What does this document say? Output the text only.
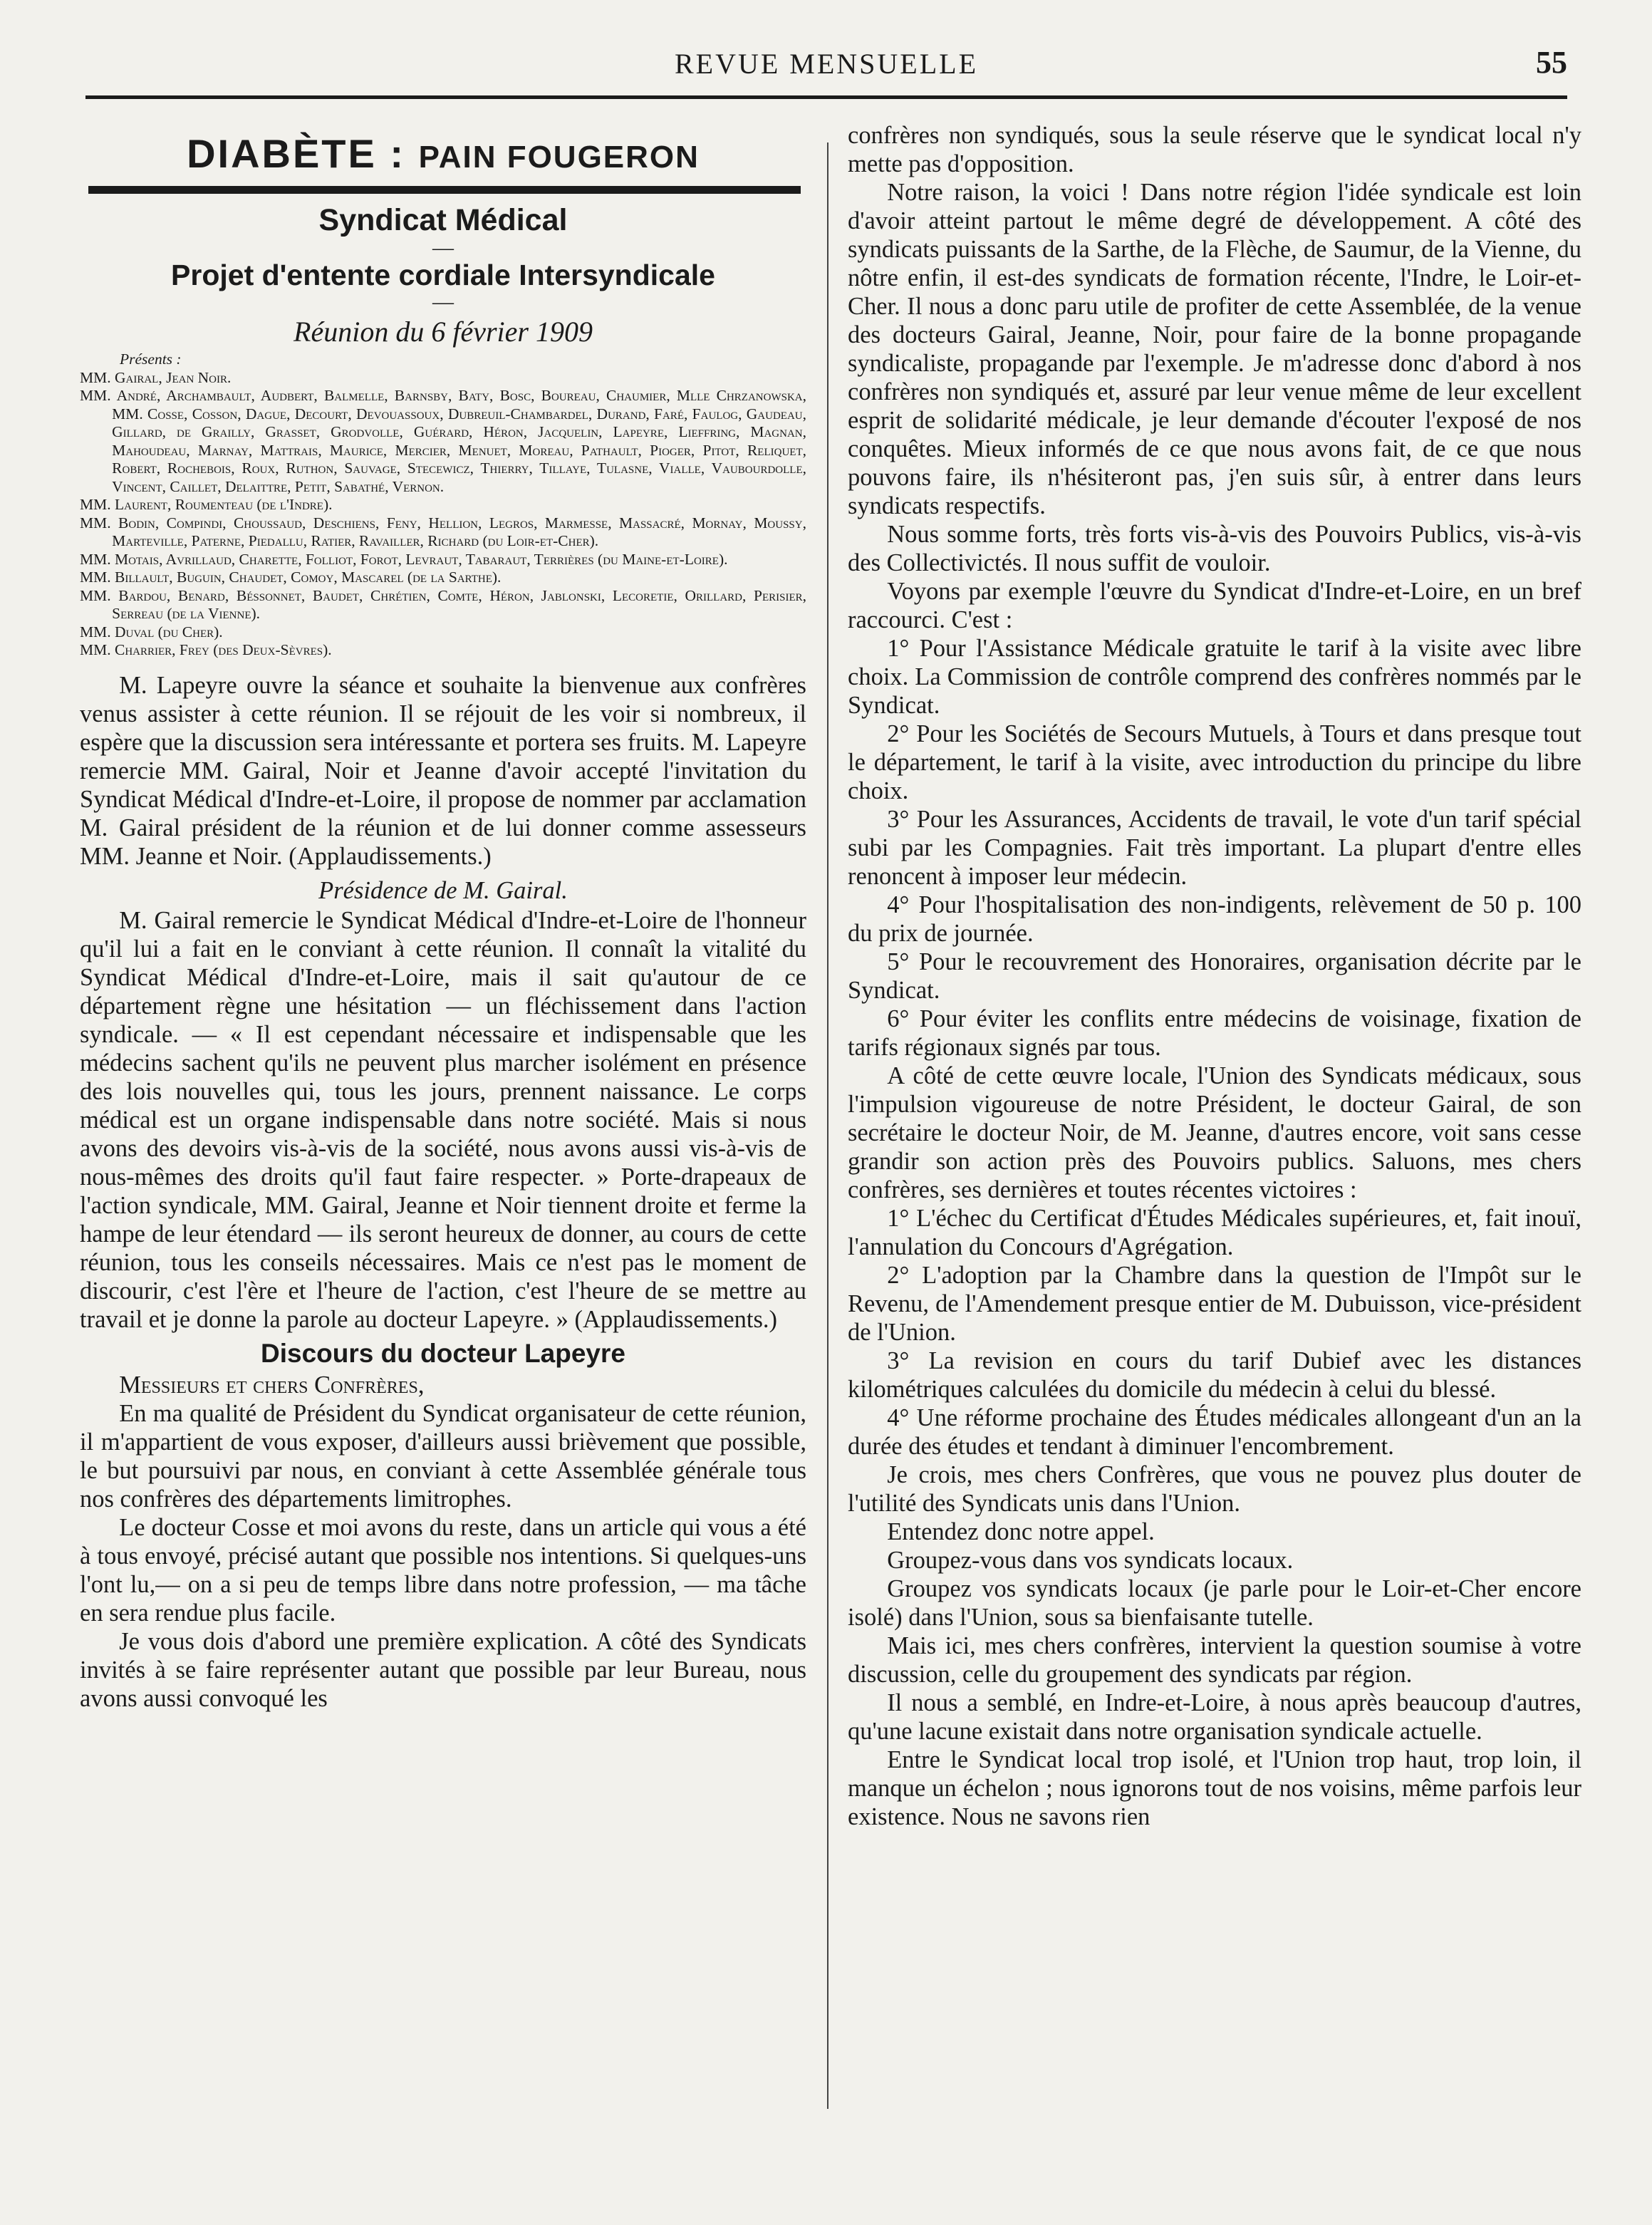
REVUE MENSUELLE	55
DIABÈTE : PAIN FOUGERON
Syndicat Médical
—
Projet d'entente cordiale Intersyndicale
—
Réunion du 6 février 1909
Présents :

MM. Gairal, Jean Noir.

MM. André, Archambault, Audbert, Balmelle, Barnsby, Baty, Bosc, Boureau, Chaumier, Mlle Chrzanowska, MM. Cosse, Cosson, Dague, Decourt, Devouassoux, Dubreuil-Chambardel, Durand, Faré, Faulog, Gaudeau, Gillard, de Grailly, Grasset, Grodvolle, Guérard, Héron, Jacquelin, Lapeyre, Lieffring, Magnan, Mahoudeau, Marnay, Mattrais, Maurice, Mercier, Menuet, Moreau, Pathault, Pioger, Pitot, Reliquet, Robert, Rochebois, Roux, Ruthon, Sauvage, Stecewicz, Thierry, Tillaye, Tulasne, Vialle, Vaubourdolle, Vincent, Caillet, Delaittre, Petit, Sabathé, Vernon.

MM. Laurent, Roumenteau (de l'Indre).

MM. Bodin, Compindi, Choussaud, Deschiens, Feny, Hellion, Legros, Marmesse, Massacré, Mornay, Moussy, Marteville, Paterne, Piedallu, Ratier, Ravailler, Richard (du Loir-et-Cher).

MM. Motais, Avrillaud, Charette, Folliot, Forot, Levraut, Tabaraut, Terrières (du Maine-et-Loire).

MM. Billault, Buguin, Chaudet, Comoy, Mascarel (de la Sarthe).

MM. Bardou, Benard, Béssonnet, Baudet, Chrétien, Comte, Héron, Jablonski, Lecoretie, Orillard, Perisier, Serreau (de la Vienne).

MM. Duval (du Cher).

MM. Charrier, Frey (des Deux-Sèvres).

M. Lapeyre ouvre la séance et souhaite la bienvenue aux confrères venus assister à cette réunion. Il se réjouit de les voir si nombreux, il espère que la discussion sera intéressante et portera ses fruits. M. Lapeyre remercie MM. Gairal, Noir et Jeanne d'avoir accepté l'invitation du Syndicat Médical d'Indre-et-Loire, il propose de nommer par acclamation M. Gairal président de la réunion et de lui donner comme assesseurs MM. Jeanne et Noir. (Applaudissements.)

Présidence de M. Gairal.

M. Gairal remercie le Syndicat Médical d'Indre-et-Loire de l'honneur qu'il lui a fait en le conviant à cette réunion. Il connaît la vitalité du Syndicat Médical d'Indre-et-Loire, mais il sait qu'autour de ce département règne une hésitation — un fléchissement dans l'action syndicale. — « Il est cependant nécessaire et indispensable que les médecins sachent qu'ils ne peuvent plus marcher isolément en présence des lois nouvelles qui, tous les jours, prennent naissance. Le corps médical est un organe indispensable dans notre société. Mais si nous avons des devoirs vis-à-vis de la société, nous avons aussi vis-à-vis de nous-mêmes des droits qu'il faut faire respecter. » Porte-drapeaux de l'action syndicale, MM. Gairal, Jeanne et Noir tiennent droite et ferme la hampe de leur étendard — ils seront heureux de donner, au cours de cette réunion, tous les conseils nécessaires. Mais ce n'est pas le moment de discourir, c'est l'ère et l'heure de l'action, c'est l'heure de se mettre au travail et je donne la parole au docteur Lapeyre. » (Applaudissements.)

Discours du docteur Lapeyre

Messieurs et chers Confrères,

En ma qualité de Président du Syndicat organisateur de cette réunion, il m'appartient de vous exposer, d'ailleurs aussi brièvement que possible, le but poursuivi par nous, en conviant à cette Assemblée générale tous nos confrères des départements limitrophes.

Le docteur Cosse et moi avons du reste, dans un article qui vous a été à tous envoyé, précisé autant que possible nos intentions. Si quelques-uns l'ont lu,— on a si peu de temps libre dans notre profession, — ma tâche en sera rendue plus facile.

Je vous dois d'abord une première explication. A côté des Syndicats invités à se faire représenter autant que possible par leur Bureau, nous avons aussi convoqué les

confrères non syndiqués, sous la seule réserve que le syndicat local n'y mette pas d'opposition.

Notre raison, la voici ! Dans notre région l'idée syndicale est loin d'avoir atteint partout le même degré de développement. A côté des syndicats puissants de la Sarthe, de la Flèche, de Saumur, de la Vienne, du nôtre enfin, il est-des syndicats de formation récente, l'Indre, le Loir-et-Cher. Il nous a donc paru utile de profiter de cette Assemblée, de la venue des docteurs Gairal, Jeanne, Noir, pour faire de la bonne propagande syndicaliste, propagande par l'exemple. Je m'adresse donc d'abord à nos confrères non syndiqués et, assuré par leur venue même de leur excellent esprit de solidarité médicale, je leur demande d'écouter l'exposé de nos conquêtes. Mieux informés de ce que nous avons fait, de ce que nous pouvons faire, ils n'hésiteront pas, j'en suis sûr, à entrer dans leurs syndicats respectifs.

Nous somme forts, très forts vis-à-vis des Pouvoirs Publics, vis-à-vis des Collectivictés. Il nous suffit de vouloir.

Voyons par exemple l'œuvre du Syndicat d'Indre-et-Loire, en un bref raccourci. C'est :

1° Pour l'Assistance Médicale gratuite le tarif à la visite avec libre choix. La Commission de contrôle comprend des confrères nommés par le Syndicat.

2° Pour les Sociétés de Secours Mutuels, à Tours et dans presque tout le département, le tarif à la visite, avec introduction du principe du libre choix.

3° Pour les Assurances, Accidents de travail, le vote d'un tarif spécial subi par les Compagnies. Fait très important. La plupart d'entre elles renoncent à imposer leur médecin.

4° Pour l'hospitalisation des non-indigents, relèvement de 50 p. 100 du prix de journée.

5° Pour le recouvrement des Honoraires, organisation décrite par le Syndicat.

6° Pour éviter les conflits entre médecins de voisinage, fixation de tarifs régionaux signés par tous.

A côté de cette œuvre locale, l'Union des Syndicats médicaux, sous l'impulsion vigoureuse de notre Président, le docteur Gairal, de son secrétaire le docteur Noir, de M. Jeanne, d'autres encore, voit sans cesse grandir son action près des Pouvoirs publics. Saluons, mes chers confrères, ses dernières et toutes récentes victoires :

1° L'échec du Certificat d'Études Médicales supérieures, et, fait inouï, l'annulation du Concours d'Agrégation.

2° L'adoption par la Chambre dans la question de l'Impôt sur le Revenu, de l'Amendement presque entier de M. Dubuisson, vice-président de l'Union.

3° La revision en cours du tarif Dubief avec les distances kilométriques calculées du domicile du médecin à celui du blessé.

4° Une réforme prochaine des Études médicales allongeant d'un an la durée des études et tendant à diminuer l'encombrement.

Je crois, mes chers Confrères, que vous ne pouvez plus douter de l'utilité des Syndicats unis dans l'Union.

Entendez donc notre appel.

Groupez-vous dans vos syndicats locaux.

Groupez vos syndicats locaux (je parle pour le Loir-et-Cher encore isolé) dans l'Union, sous sa bienfaisante tutelle.

Mais ici, mes chers confrères, intervient la question soumise à votre discussion, celle du groupement des syndicats par région.

Il nous a semblé, en Indre-et-Loire, à nous après beaucoup d'autres, qu'une lacune existait dans notre organisation syndicale actuelle.

Entre le Syndicat local trop isolé, et l'Union trop haut, trop loin, il manque un échelon ; nous ignorons tout de nos voisins, même parfois leur existence. Nous ne savons rien
